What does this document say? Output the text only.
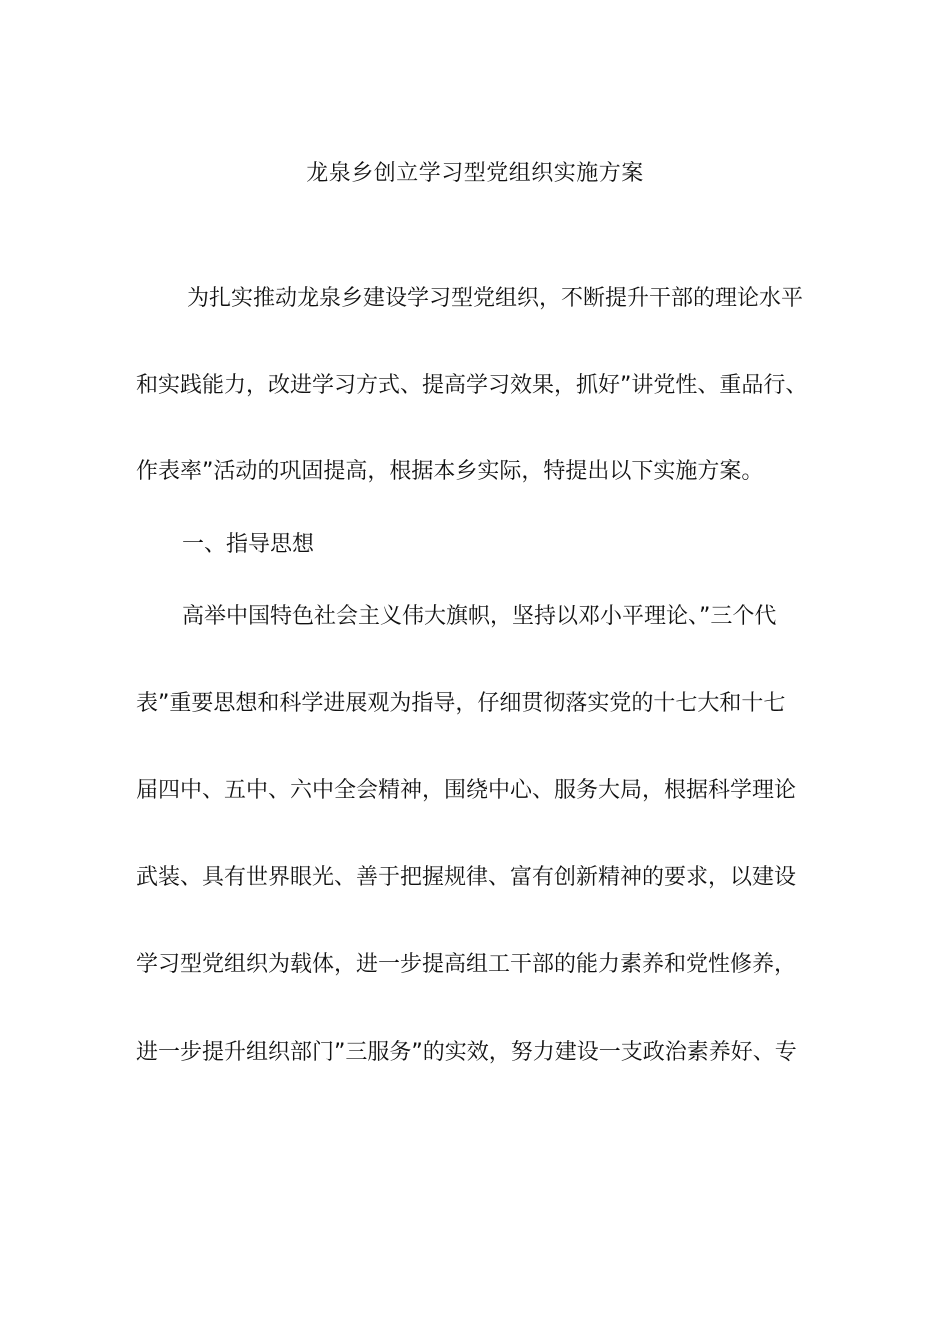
龙泉乡创立学习型党组织实施方案

为扎实推动龙泉乡建设学习型党组织，不断提升干部的理论水平

和实践能力，改进学习方式、提高学习效果，抓好”讲党性、重品行、

作表率”活动的巩固提高，根据本乡实际，特提出以下实施方案。

一、指导思想

高举中国特色社会主义伟大旗帜，坚持以邓小平理论、”三个代

表”重要思想和科学进展观为指导，仔细贯彻落实党的十七大和十七

届四中、五中、六中全会精神，围绕中心、服务大局，根据科学理论

武装、具有世界眼光、善于把握规律、富有创新精神的要求，以建设

学习型党组织为载体，进一步提高组工干部的能力素养和党性修养，

进一步提升组织部门”三服务”的实效，努力建设一支政治素养好、专
